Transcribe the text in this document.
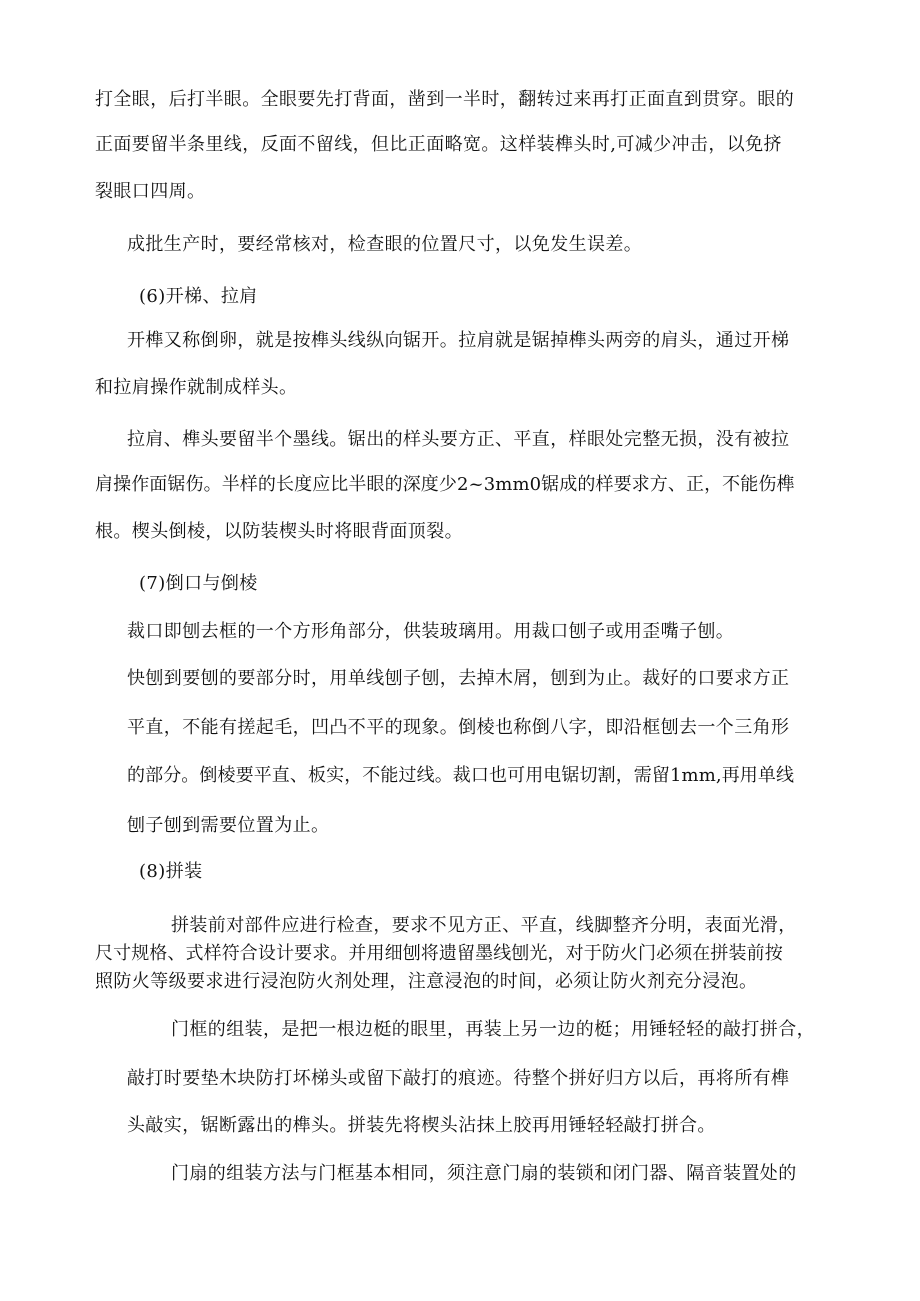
打全眼，后打半眼。全眼要先打背面，凿到一半时，翻转过来再打正面直到贯穿。眼的
正面要留半条里线，反面不留线，但比正面略宽。这样装榫头时,可减少冲击，以免挤
裂眼口四周。
成批生产时，要经常核对，检查眼的位置尺寸，以免发生误差。
(6)开梯、拉肩
开榫又称倒卵，就是按榫头线纵向锯开。拉肩就是锯掉榫头两旁的肩头，通过开梯
和拉肩操作就制成样头。
拉肩、榫头要留半个墨线。锯出的样头要方正、平直，样眼处完整无损，没有被拉
肩操作面锯伤。半样的长度应比半眼的深度少2~3mm0锯成的样要求方、正，不能伤榫
根。楔头倒棱，以防装楔头时将眼背面顶裂。
(7)倒口与倒棱
裁口即刨去框的一个方形角部分，供装玻璃用。用裁口刨子或用歪嘴子刨。
快刨到要刨的要部分时，用单线刨子刨，去掉木屑，刨到为止。裁好的口要求方正
平直，不能有搓起毛，凹凸不平的现象。倒棱也称倒八字，即沿框刨去一个三角形
的部分。倒棱要平直、板实，不能过线。裁口也可用电锯切割，需留1mm,再用单线
刨子刨到需要位置为止。
(8)拼装
拼装前对部件应进行检查，要求不见方正、平直，线脚整齐分明，表面光滑，
尺寸规格、式样符合设计要求。并用细刨将遗留墨线刨光，对于防火门必须在拼装前按
照防火等级要求进行浸泡防火剂处理，注意浸泡的时间，必须让防火剂充分浸泡。
门框的组装，是把一根边梃的眼里，再装上另一边的梃；用锤轻轻的敲打拼合，
敲打时要垫木块防打坏梯头或留下敲打的痕迹。待整个拼好归方以后，再将所有榫
头敲实，锯断露出的榫头。拼装先将楔头沾抹上胶再用锤轻轻敲打拼合。
门扇的组装方法与门框基本相同，须注意门扇的装锁和闭门器、隔音装置处的
